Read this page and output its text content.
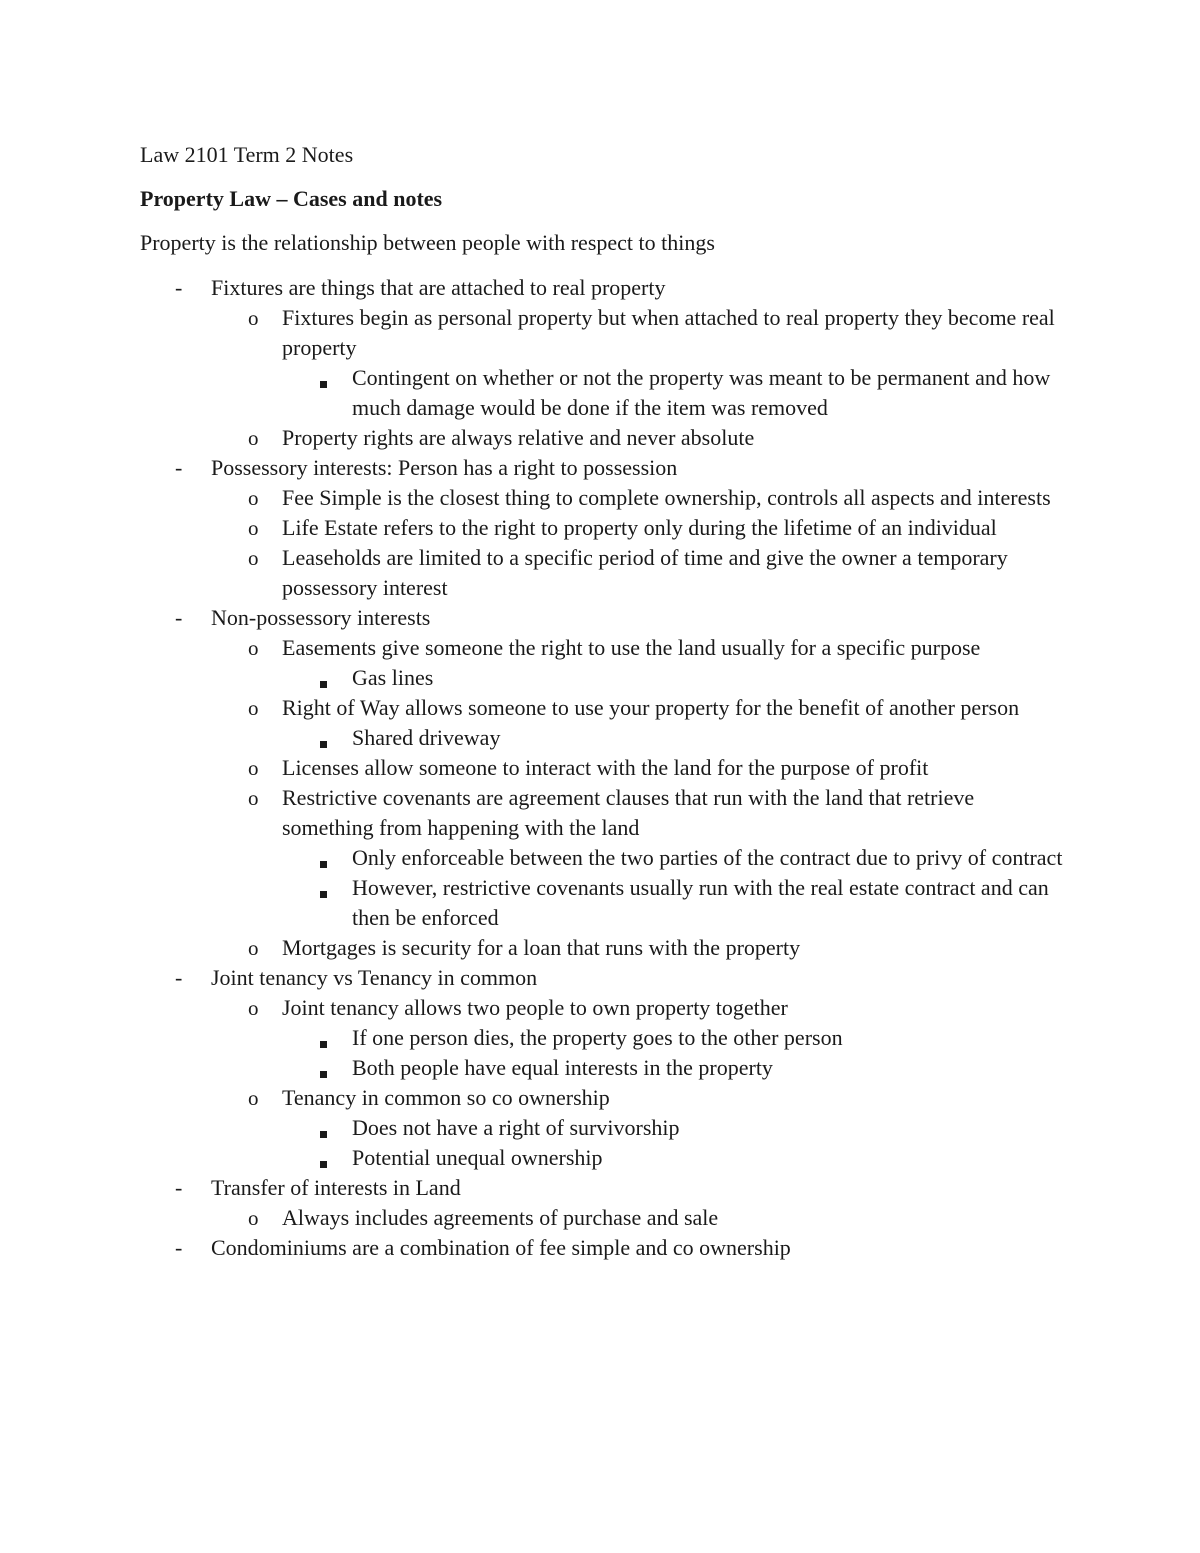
Law 2101 Term 2 Notes
Property Law – Cases and notes
Property is the relationship between people with respect to things
- Fixtures are things that are attached to real property
o Fixtures begin as personal property but when attached to real property they become real property
Contingent on whether or not the property was meant to be permanent and how much damage would be done if the item was removed
o Property rights are always relative and never absolute
- Possessory interests: Person has a right to possession
o Fee Simple is the closest thing to complete ownership, controls all aspects and interests
o Life Estate refers to the right to property only during the lifetime of an individual
o Leaseholds are limited to a specific period of time and give the owner a temporary possessory interest
- Non-possessory interests
o Easements give someone the right to use the land usually for a specific purpose
Gas lines
o Right of Way allows someone to use your property for the benefit of another person
Shared driveway
o Licenses allow someone to interact with the land for the purpose of profit
o Restrictive covenants are agreement clauses that run with the land that retrieve something from happening with the land
Only enforceable between the two parties of the contract due to privy of contract
However, restrictive covenants usually run with the real estate contract and can then be enforced
o Mortgages is security for a loan that runs with the property
- Joint tenancy vs Tenancy in common
o Joint tenancy allows two people to own property together
If one person dies, the property goes to the other person
Both people have equal interests in the property
o Tenancy in common so co ownership
Does not have a right of survivorship
Potential unequal ownership
- Transfer of interests in Land
o Always includes agreements of purchase and sale
- Condominiums are a combination of fee simple and co ownership
